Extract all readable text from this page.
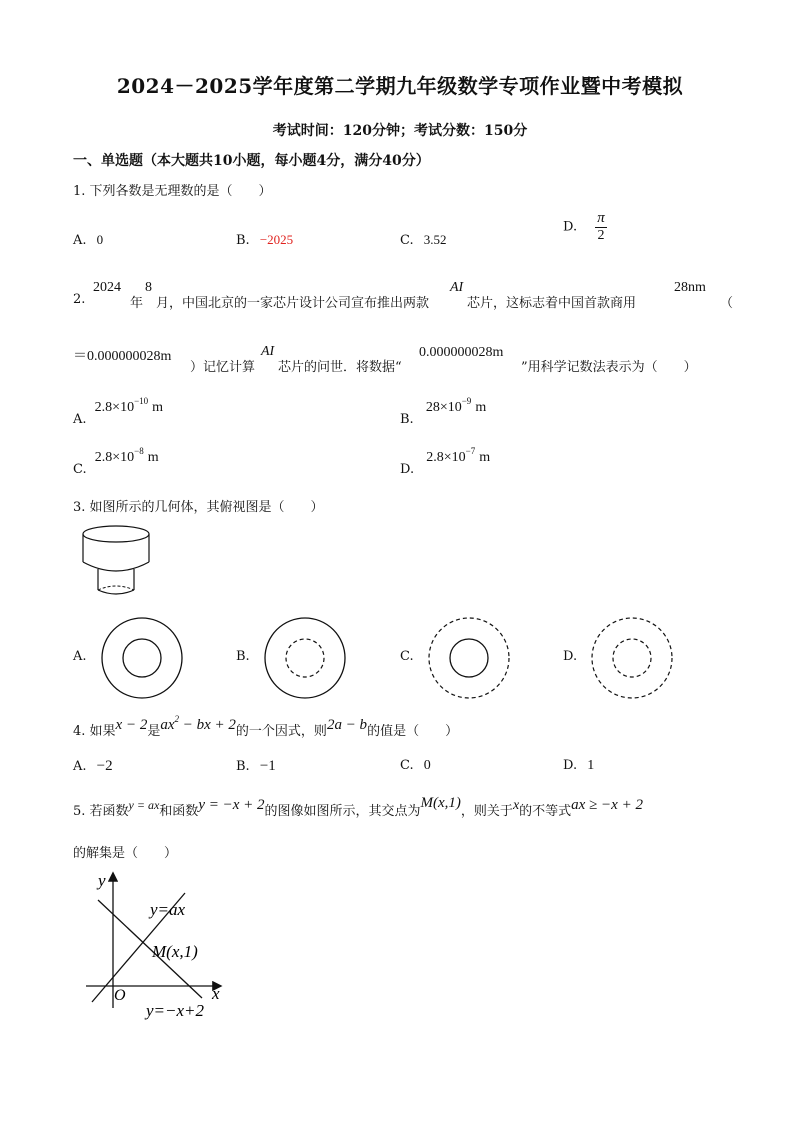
2024－2025学年度第二学期九年级数学专项作业暨中考模拟
考试时间：120分钟；考试分数：150分
一、单选题（本大题共10小题，每小题4分，满分40分）
1. 下列各数是无理数的是（　　）
A. 0	B. −2025	C. 3.52
D. $\frac{\pi}{2}$
2.
2024
年
8
月，中国北京的一家芯片设计公司宣布推出两款
AI
芯片，这标志着中国首款商用
28nm
（
＝0.000000028m
）记忆计算
AI
芯片的问世．将数据“
0.000000028m
”用科学记数法表示为（　　）
A. $2.8\times 10^{-10}$ m
B. $28\times 10^{-9}$ m
C. $2.8\times 10^{-8}$ m
D. $2.8\times 10^{-7}$ m
3. 如图所示的几何体，其俯视图是（　　）
A.	B.	C.	D.
4. 如果x − 2是$ax^2$ − bx + 2的一个因式，则2a − b的值是（　　）
A. −2	B. −1	C. 0	D. 1
5. 若函数y = ax和函数y = −x + 2的图像如图所示，其交点为M(x,1)，则关于x的不等式ax ≥ −x + 2
的解集是（　　）
y
x
O
y=ax
M(x,1)
y=−x+2
